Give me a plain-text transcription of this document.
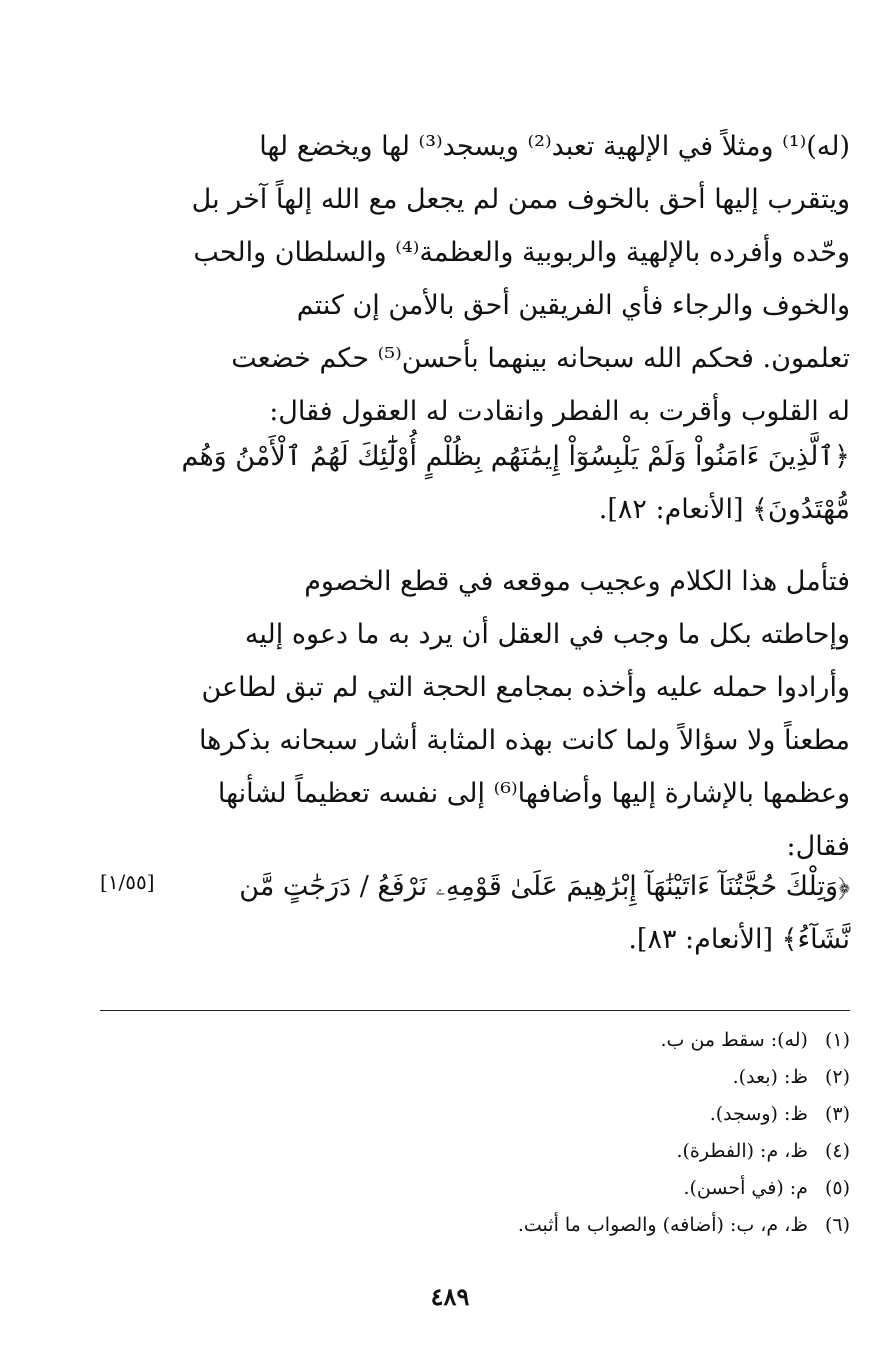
(له)⁽¹⁾ ومثلاً في الإلهية تعبد⁽²⁾ ويسجد⁽³⁾ لها ويخضع لها
ويتقرب إليها أحق بالخوف ممن لم يجعل مع الله إلهاً آخر بل
وحّده وأفرده بالإلهية والربوبية والعظمة⁽⁴⁾ والسلطان والحب
والخوف والرجاء فأي الفريقين أحق بالأمن إن كنتم
تعلمون. فحكم الله سبحانه بينهما بأحسن⁽⁵⁾ حكم خضعت
له القلوب وأقرت به الفطر وانقادت له العقول فقال:
﴿ٱلَّذِينَ ءَامَنُواْ وَلَمْ يَلْبِسُوٓاْ إِيمَٰنَهُم بِظُلْمٍ أُوْلَٰٓئِكَ لَهُمُ ٱلْأَمْنُ وَهُم
مُّهْتَدُونَ﴾ [الأنعام: ٨٢].
فتأمل هذا الكلام وعجيب موقعه في قطع الخصوم
وإحاطته بكل ما وجب في العقل أن يرد به ما دعوه إليه
وأرادوا حمله عليه وأخذه بمجامع الحجة التي لم تبق لطاعن
مطعناً ولا سؤالاً ولما كانت بهذه المثابة أشار سبحانه بذكرها
وعظمها بالإشارة إليها وأضافها⁽⁶⁾ إلى نفسه تعظيماً لشأنها
فقال:
﴿وَتِلْكَ حُجَّتُنَآ ءَاتَيْنَٰهَآ إِبْرَٰهِيمَ عَلَىٰ قَوْمِهِۦ نَرْفَعُ / دَرَجَٰتٍ مَّن
نَّشَآءُ﴾ [الأنعام: ٨٣].
[١/٥٥]
(١) (له): سقط من ب.
(٢) ظ: (بعد).
(٣) ظ: (وسجد).
(٤) ظ، م: (الفطرة).
(٥) م: (في أحسن).
(٦) ظ، م، ب: (أضافه) والصواب ما أثبت.
٤٨٩
